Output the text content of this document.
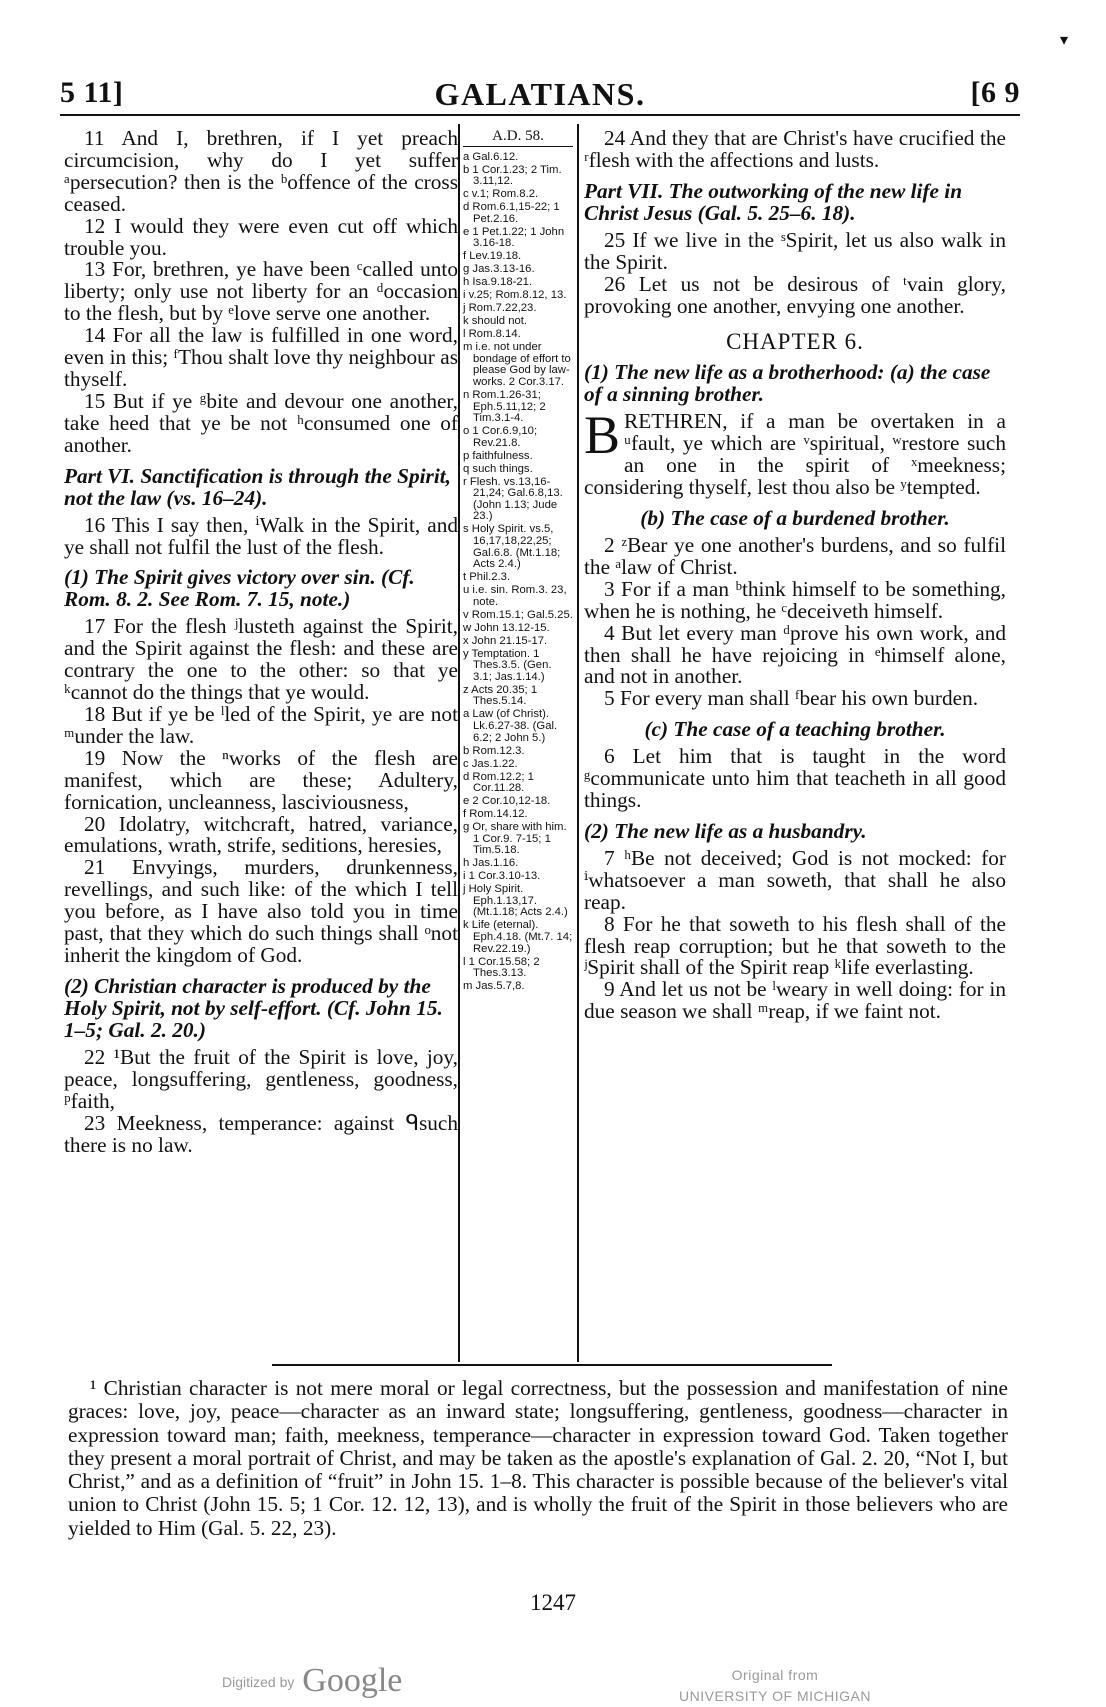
▾
5 11]	GALATIANS.	[6 9

11 And I, brethren, if I yet preach circumcision, why do I yet suffer ᵃpersecution? then is the ᵇoffence of the cross ceased.

12 I would they were even cut off which trouble you.

13 For, brethren, ye have been ᶜcalled unto liberty; only use not liberty for an ᵈoccasion to the flesh, but by ᵉlove serve one another.

14 For all the law is fulfilled in one word, even in this; ᶠThou shalt love thy neighbour as thyself.

15 But if ye ᵍbite and devour one another, take heed that ye be not ʰconsumed one of another.

Part VI. Sanctification is through the Spirit, not the law (vs. 16–24).

16 This I say then, ⁱWalk in the Spirit, and ye shall not fulfil the lust of the flesh.

(1) The Spirit gives victory over sin. (Cf. Rom. 8. 2. See Rom. 7. 15, note.)

17 For the flesh ʲlusteth against the Spirit, and the Spirit against the flesh: and these are contrary the one to the other: so that ye ᵏcannot do the things that ye would.

18 But if ye be ˡled of the Spirit, ye are not ᵐunder the law.

19 Now the ⁿworks of the flesh are manifest, which are these; Adultery, fornication, uncleanness, lasciviousness,

20 Idolatry, witchcraft, hatred, variance, emulations, wrath, strife, seditions, heresies,

21 Envyings, murders, drunkenness, revellings, and such like: of the which I tell you before, as I have also told you in time past, that they which do such things shall ᵒnot inherit the kingdom of God.

(2) Christian character is produced by the Holy Spirit, not by self-effort. (Cf. John 15. 1–5; Gal. 2. 20.)

22 ¹But the fruit of the Spirit is love, joy, peace, longsuffering, gentleness, goodness, ᵖfaith,

23 Meekness, temperance: against ᑫsuch there is no law.

A.D. 58.
a Gal.6.12.
b 1 Cor.1.23; 2 Tim. 3.11,12.
c v.1; Rom.8.2.
d Rom.6.1,15-22; 1 Pet.2.16.
e 1 Pet.1.22; 1 John 3.16-18.
f Lev.19.18.
g Jas.3.13-16.
h Isa.9.18-21.
i v.25; Rom.8.12, 13.
j Rom.7.22,23.
k should not.
l Rom.8.14.
m i.e. not under bondage of effort to please God by law-works. 2 Cor.3.17.
n Rom.1.26-31; Eph.5.11,12; 2 Tim.3.1-4.
o 1 Cor.6.9,10; Rev.21.8.
p faithfulness.
q such things.
r Flesh. vs.13,16-21,24; Gal.6.8,13. (John 1.13; Jude 23.)
s Holy Spirit. vs.5, 16,17,18,22,25; Gal.6.8. (Mt.1.18; Acts 2.4.)
t Phil.2.3.
u i.e. sin. Rom.3. 23, note.
v Rom.15.1; Gal.5.25.
w John 13.12-15.
x John 21.15-17.
y Temptation. 1 Thes.3.5. (Gen. 3.1; Jas.1.14.)
z Acts 20.35; 1 Thes.5.14.
a Law (of Christ). Lk.6.27-38. (Gal. 6.2; 2 John 5.)
b Rom.12.3.
c Jas.1.22.
d Rom.12.2; 1 Cor.11.28.
e 2 Cor.10,12-18.
f Rom.14.12.
g Or, share with him. 1 Cor.9. 7-15; 1 Tim.5.18.
h Jas.1.16.
i 1 Cor.3.10-13.
j Holy Spirit. Eph.1.13,17. (Mt.1.18; Acts 2.4.)
k Life (eternal). Eph.4.18. (Mt.7. 14; Rev.22.19.)
l 1 Cor.15.58; 2 Thes.3.13.
m Jas.5.7,8.

24 And they that are Christ's have crucified the ʳflesh with the affections and lusts.

Part VII. The outworking of the new life in Christ Jesus (Gal. 5. 25–6. 18).

25 If we live in the ˢSpirit, let us also walk in the Spirit.

26 Let us not be desirous of ᵗvain glory, provoking one another, envying one another.

CHAPTER 6.

(1) The new life as a brotherhood: (a) the case of a sinning brother.

BRETHREN, if a man be overtaken in a ᵘfault, ye which are ᵛspiritual, ʷrestore such an one in the spirit of ˣmeekness; considering thyself, lest thou also be ʸtempted.

(b) The case of a burdened brother.

2 ᶻBear ye one another's burdens, and so fulfil the ᵃlaw of Christ.

3 For if a man ᵇthink himself to be something, when he is nothing, he ᶜdeceiveth himself.

4 But let every man ᵈprove his own work, and then shall he have rejoicing in ᵉhimself alone, and not in another.

5 For every man shall ᶠbear his own burden.

(c) The case of a teaching brother.

6 Let him that is taught in the word ᵍcommunicate unto him that teacheth in all good things.

(2) The new life as a husbandry.

7 ʰBe not deceived; God is not mocked: for ⁱwhatsoever a man soweth, that shall he also reap.

8 For he that soweth to his flesh shall of the flesh reap corruption; but he that soweth to the ʲSpirit shall of the Spirit reap ᵏlife everlasting.

9 And let us not be ˡweary in well doing: for in due season we shall ᵐreap, if we faint not.

¹ Christian character is not mere moral or legal correctness, but the possession and manifestation of nine graces: love, joy, peace—character as an inward state; longsuffering, gentleness, goodness—character in expression toward man; faith, meekness, temperance—character in expression toward God. Taken together they present a moral portrait of Christ, and may be taken as the apostle's explanation of Gal. 2. 20, “Not I, but Christ,” and as a definition of “fruit” in John 15. 1–8. This character is possible because of the believer's vital union to Christ (John 15. 5; 1 Cor. 12. 12, 13), and is wholly the fruit of the Spirit in those believers who are yielded to Him (Gal. 5. 22, 23).

1247
Digitized by Google	Original from
UNIVERSITY OF MICHIGAN
